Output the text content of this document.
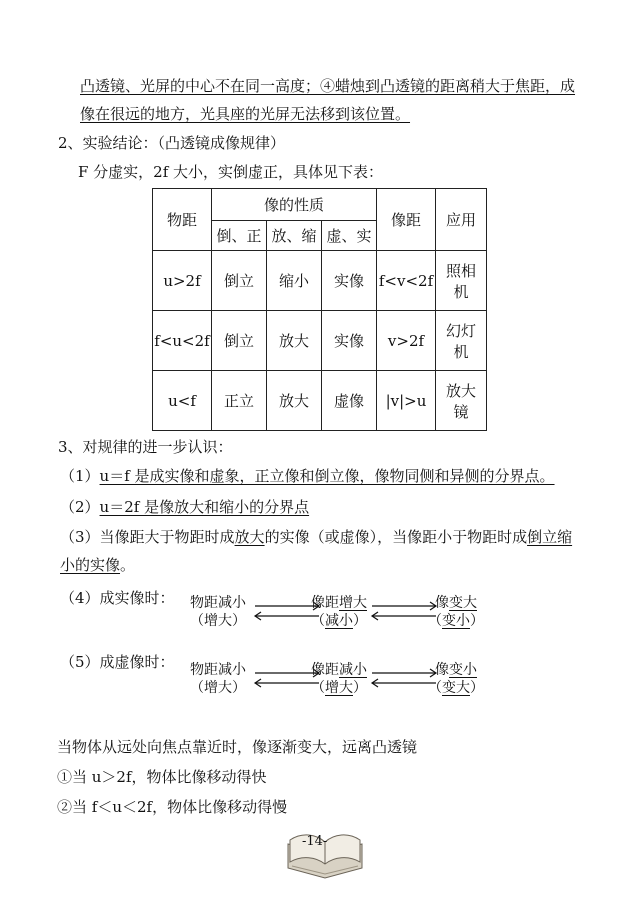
凸透镜、光屏的中心不在同一高度；④蜡烛到凸透镜的距离稍大于焦距，成
像在很远的地方，光具座的光屏无法移到该位置。
2、实验结论：（凸透镜成像规律）
F 分虚实，2f 大小，实倒虚正，具体见下表：
物距	像的性质			像距	应用
	倒、正	放、缩	虚、实		
u>2f	倒立	缩小	实像	f<v<2f	照相
机
f<u<2f	倒立	放大	实像	v>2f	幻灯
机
u<f	正立	放大	虚像	|v|>u	放大
镜
3、对规律的进一步认识：
（1）u＝f 是成实像和虚象，正立像和倒立像，像物同侧和异侧的分界点。
（2）u＝2f 是像放大和缩小的分界点
（3）当像距大于物距时成放大的实像（或虚像），当像距小于物距时成倒立缩
小的实像。
（4）成实像时： 物距减小
（增大）
像距增大
（减小）
像变大
（变小）
（5）成虚像时： 物距减小
（增大）
像距减小
（增大）
像变小
（变大）
当物体从远处向焦点靠近时，像逐渐变大，远离凸透镜
①当 u＞2f，物体比像移动得快
②当 f＜u＜2f，物体比像移动得慢
-14-
